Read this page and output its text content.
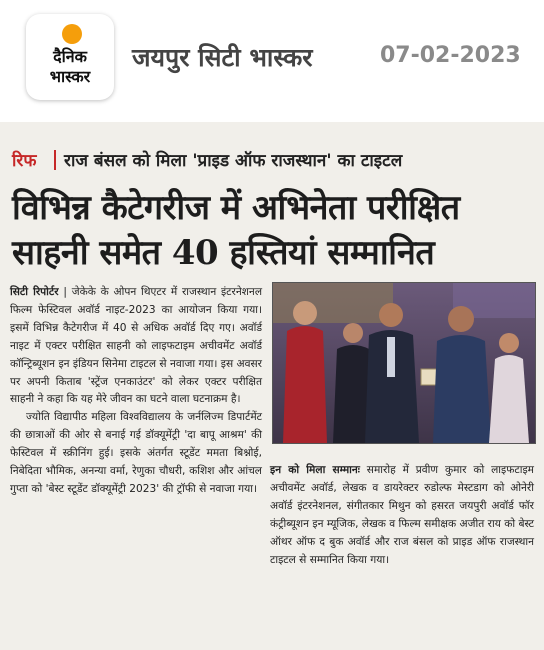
दैनिक
भास्कर
जयपुर सिटी भास्कर	07-02-2023
रिफ राज बंसल को मिला 'प्राइड ऑफ राजस्थान' का टाइटल
विभिन्न कैटेगरीज में अभिनेता परीक्षित
साहनी समेत 40 हस्तियां सम्मानित

सिटी रिपोर्टर | जेकेके के ओपन थिएटर में राजस्थान इंटरनेशनल फिल्म फेस्टिवल अवॉर्ड नाइट-2023 का आयोजन किया गया। इसमें विभिन्न कैटेगरीज में 40 से अधिक अवॉर्ड दिए गए। अवॉर्ड नाइट में एक्टर परीक्षित साहनी को लाइफटाइम अचीवमेंट अवॉर्ड कॉन्ट्रिब्यूशन इन इंडियन सिनेमा टाइटल से नवाजा गया। इस अवसर पर अपनी किताब 'स्ट्रेंज एनकाउंटर' को लेकर एक्टर परीक्षित साहनी ने कहा कि यह मेरे जीवन का घटने वाला घटनाक्रम है।

ज्योति विद्यापीठ महिला विश्वविद्यालय के जर्नलिज्म डिपार्टमेंट की छात्राओं की ओर से बनाई गई डॉक्यूमेंट्री 'दा बापू आश्रम' की फेस्टिवल में स्क्रीनिंग हुई। इसके अंतर्गत स्टूडेंट ममता बिश्नोई, निबेदिता भौमिक, अनन्या वर्मा, रेणुका चौधरी, कशिश और आंचल गुप्ता को 'बेस्ट स्टूडेंट डॉक्यूमेंट्री 2023' की ट्रॉफी से नवाजा गया।

इन को मिला सम्मानः समारोह में प्रवीण कुमार को लाइफटाइम अचीवमेंट अवॉर्ड, लेखक व डायरेक्टर रुडोल्फ मेस्टडाग को ओनेरी अवॉर्ड इंटरनेशनल, संगीतकार मिथुन को हसरत जयपुरी अवॉर्ड फॉर कंट्रीब्यूशन इन म्यूजिक, लेखक व फिल्म समीक्षक अजीत राय को बेस्ट ऑथर ऑफ द बुक अवॉर्ड और राज बंसल को प्राइड ऑफ राजस्थान टाइटल से सम्मानित किया गया।
